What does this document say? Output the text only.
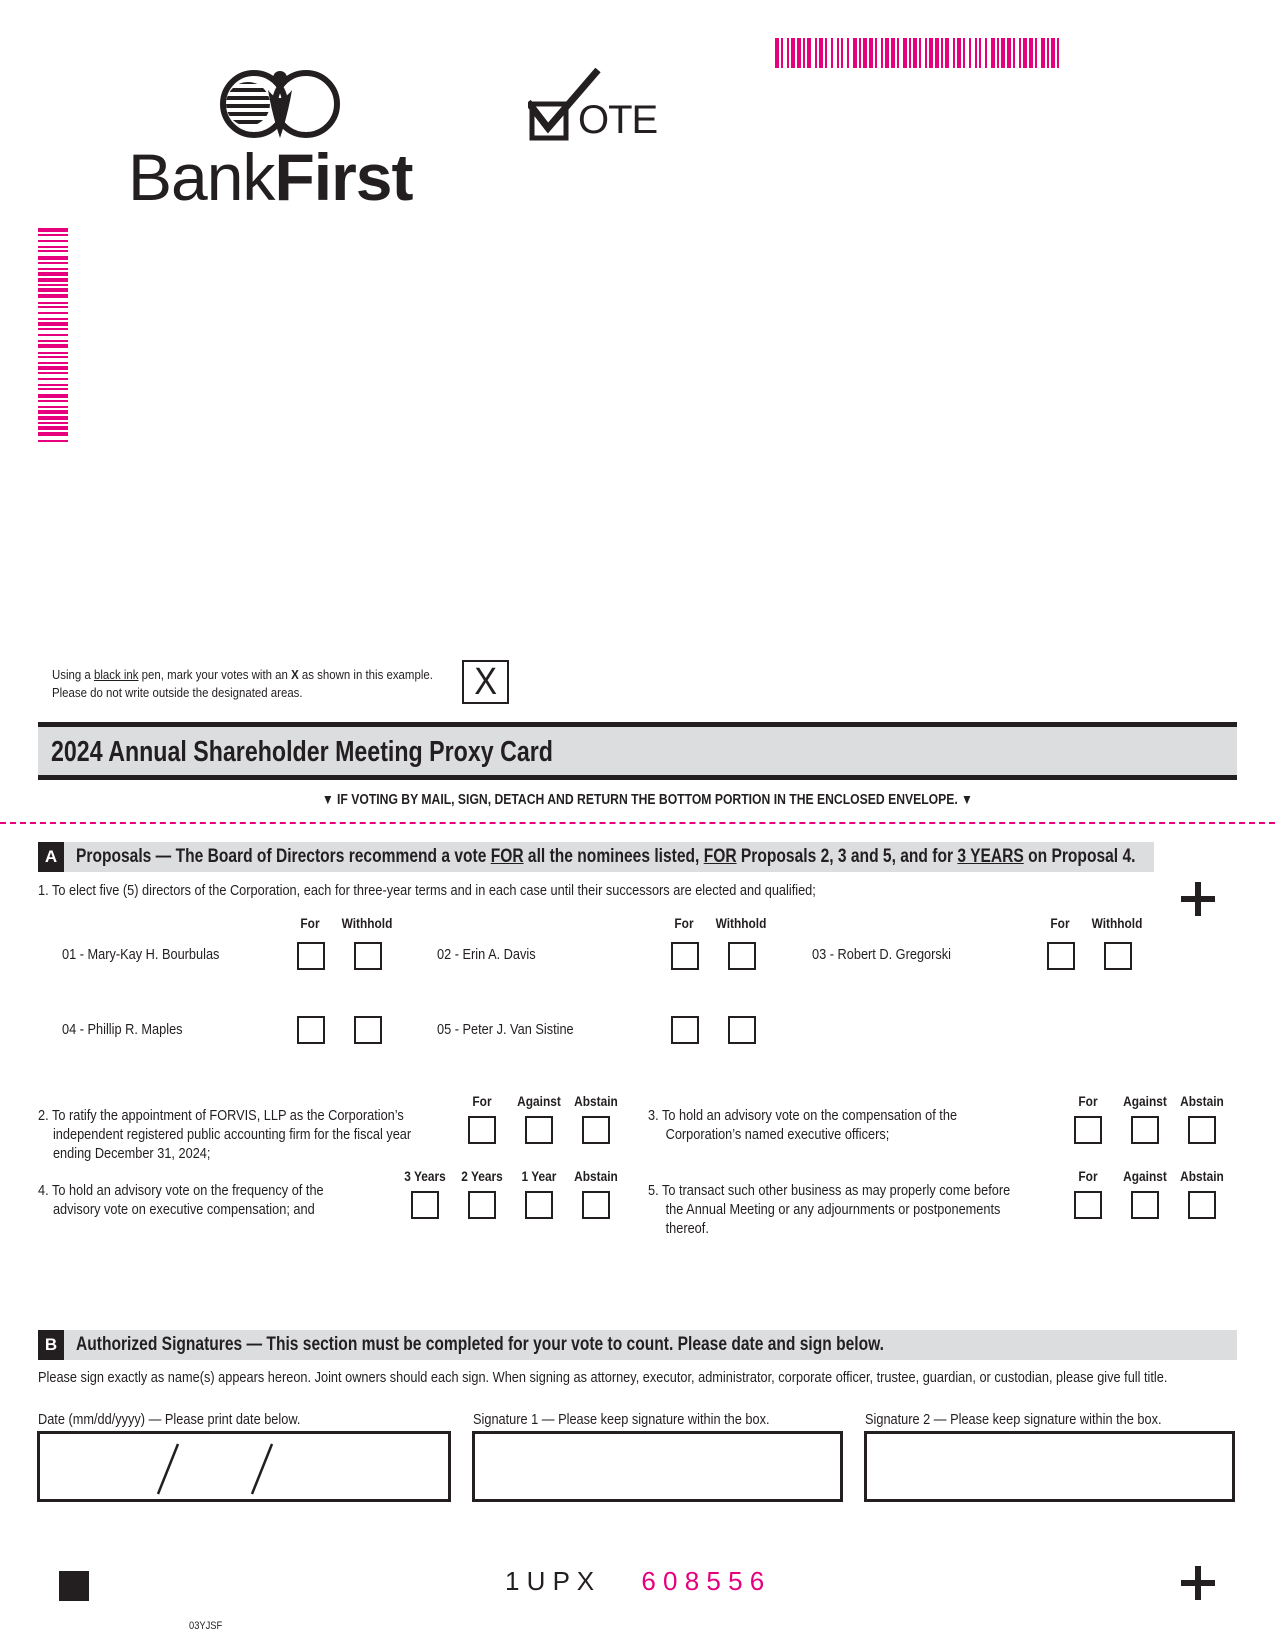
BankFirst
OTE
Using a black ink pen, mark your votes with an X as shown in this example.
Please do not write outside the designated areas.	X
2024 Annual Shareholder Meeting Proxy Card
▼ IF VOTING BY MAIL, SIGN, DETACH AND RETURN THE BOTTOM PORTION IN THE ENCLOSED ENVELOPE. ▼
A Proposals — The Board of Directors recommend a vote FOR all the nominees listed, FOR Proposals 2, 3 and 5, and for 3 YEARS on Proposal 4.
1. To elect five (5) directors of the Corporation, each for three-year terms and in each case until their successors are elected and qualified;
For	Withhold	For	Withhold	For	Withhold
01 - Mary-Kay H. Bourbulas	02 - Erin A. Davis	03 - Robert D. Gregorski
04 - Phillip R. Maples	05 - Peter J. Van Sistine
2. To ratify the appointment of FORVIS, LLP as the Corporation’s independent registered public accounting firm for the fiscal year ending December 31, 2024;
For	Against Abstain
3. To hold an advisory vote on the compensation of the Corporation’s named executive officers;
For	Against Abstain
4. To hold an advisory vote on the frequency of the advisory vote on executive compensation; and
3 Years	2 Years	1 Year	Abstain
5. To transact such other business as may properly come before the Annual Meeting or any adjournments or postponements thereof.
For	Against Abstain
B Authorized Signatures — This section must be completed for your vote to count. Please date and sign below.
Please sign exactly as name(s) appears hereon. Joint owners should each sign. When signing as attorney, executor, administrator, corporate officer, trustee, guardian, or custodian, please give full title.
Date (mm/dd/yyyy) — Please print date below.	Signature 1 — Please keep signature within the box.	Signature 2 — Please keep signature within the box.
1 U P X 6 0 8 5 5 6
03YJSF
